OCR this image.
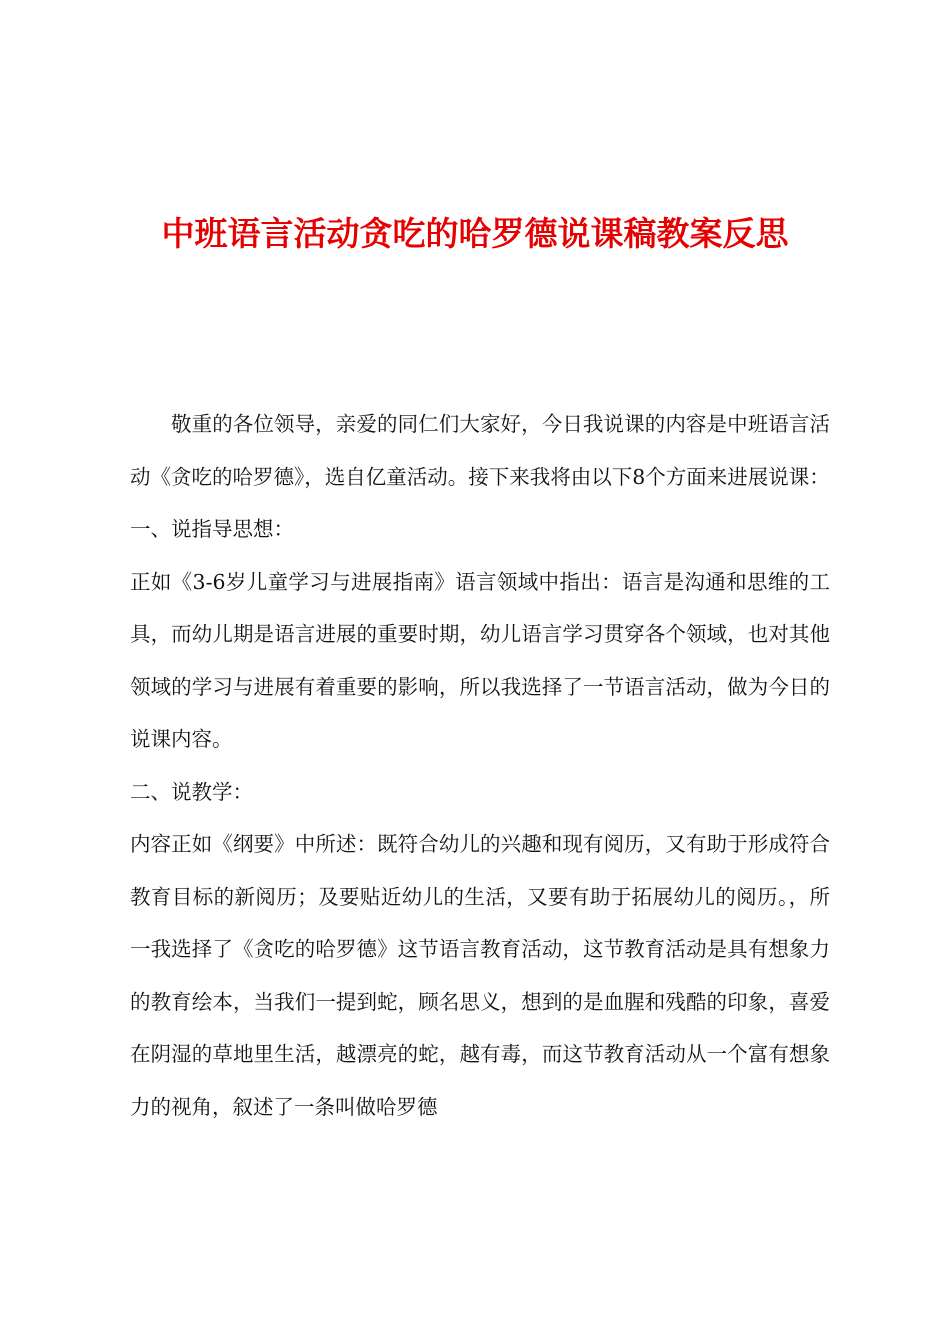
中班语言活动贪吃的哈罗德说课稿教案反思

敬重的各位领导，亲爱的同仁们大家好，今日我说课的内容是中班语言活动《贪吃的哈罗德》，选自亿童活动。接下来我将由以下8个方面来进展说课：

一、说指导思想：

正如《3-6岁儿童学习与进展指南》语言领域中指出：语言是沟通和思维的工具，而幼儿期是语言进展的重要时期，幼儿语言学习贯穿各个领域，也对其他领域的学习与进展有着重要的影响，所以我选择了一节语言活动，做为今日的说课内容。

二、说教学：

内容正如《纲要》中所述：既符合幼儿的兴趣和现有阅历，又有助于形成符合教育目标的新阅历；及要贴近幼儿的生活，又要有助于拓展幼儿的阅历。，所一我选择了《贪吃的哈罗德》这节语言教育活动，这节教育活动是具有想象力的教育绘本，当我们一提到蛇，顾名思义，想到的是血腥和残酷的印象，喜爱在阴湿的草地里生活，越漂亮的蛇，越有毒，而这节教育活动从一个富有想象力的视角，叙述了一条叫做哈罗德
